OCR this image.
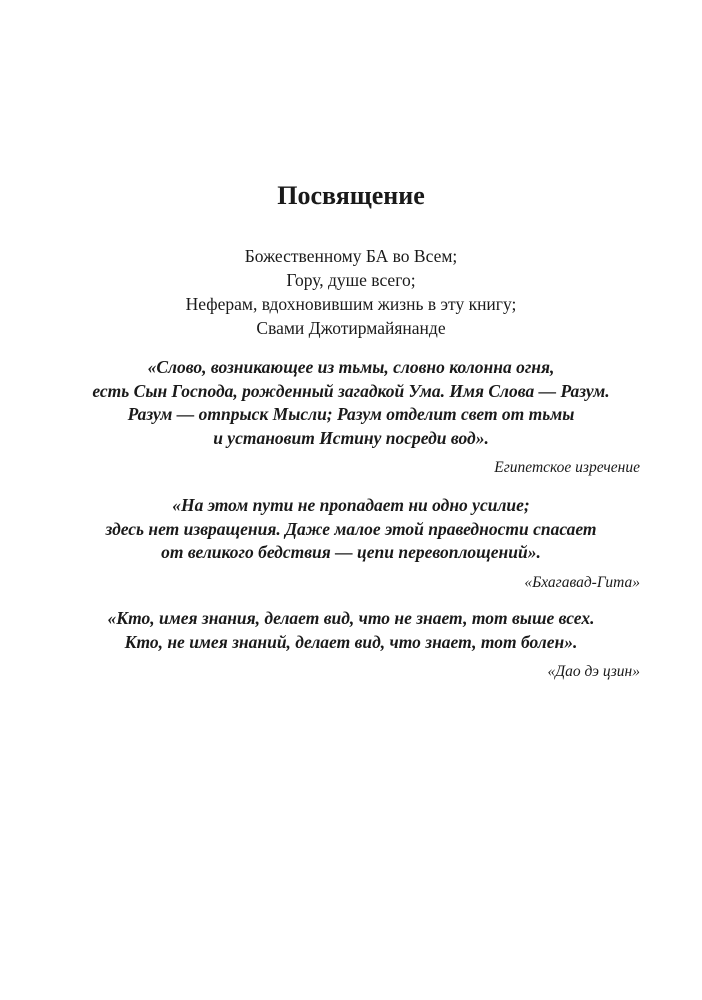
Посвящение
Божественному БА во Всем;
Гору, душе всего;
Неферам, вдохновившим жизнь в эту книгу;
Свами Джотирмайянанде
«Слово, возникающее из тьмы, словно колонна огня,
есть Сын Господа, рожденный загадкой Ума. Имя Слова — Разум.
Разум — отпрыск Мысли; Разум отделит свет от тьмы
и установит Истину посреди вод».
Египетское изречение
«На этом пути не пропадает ни одно усилие;
здесь нет извращения. Даже малое этой праведности спасает
от великого бедствия — цепи перевоплощений».
«Бхагавад-Гита»
«Кто, имея знания, делает вид, что не знает, тот выше всех.
Кто, не имея знаний, делает вид, что знает, тот болен».
«Дао дэ цзин»
